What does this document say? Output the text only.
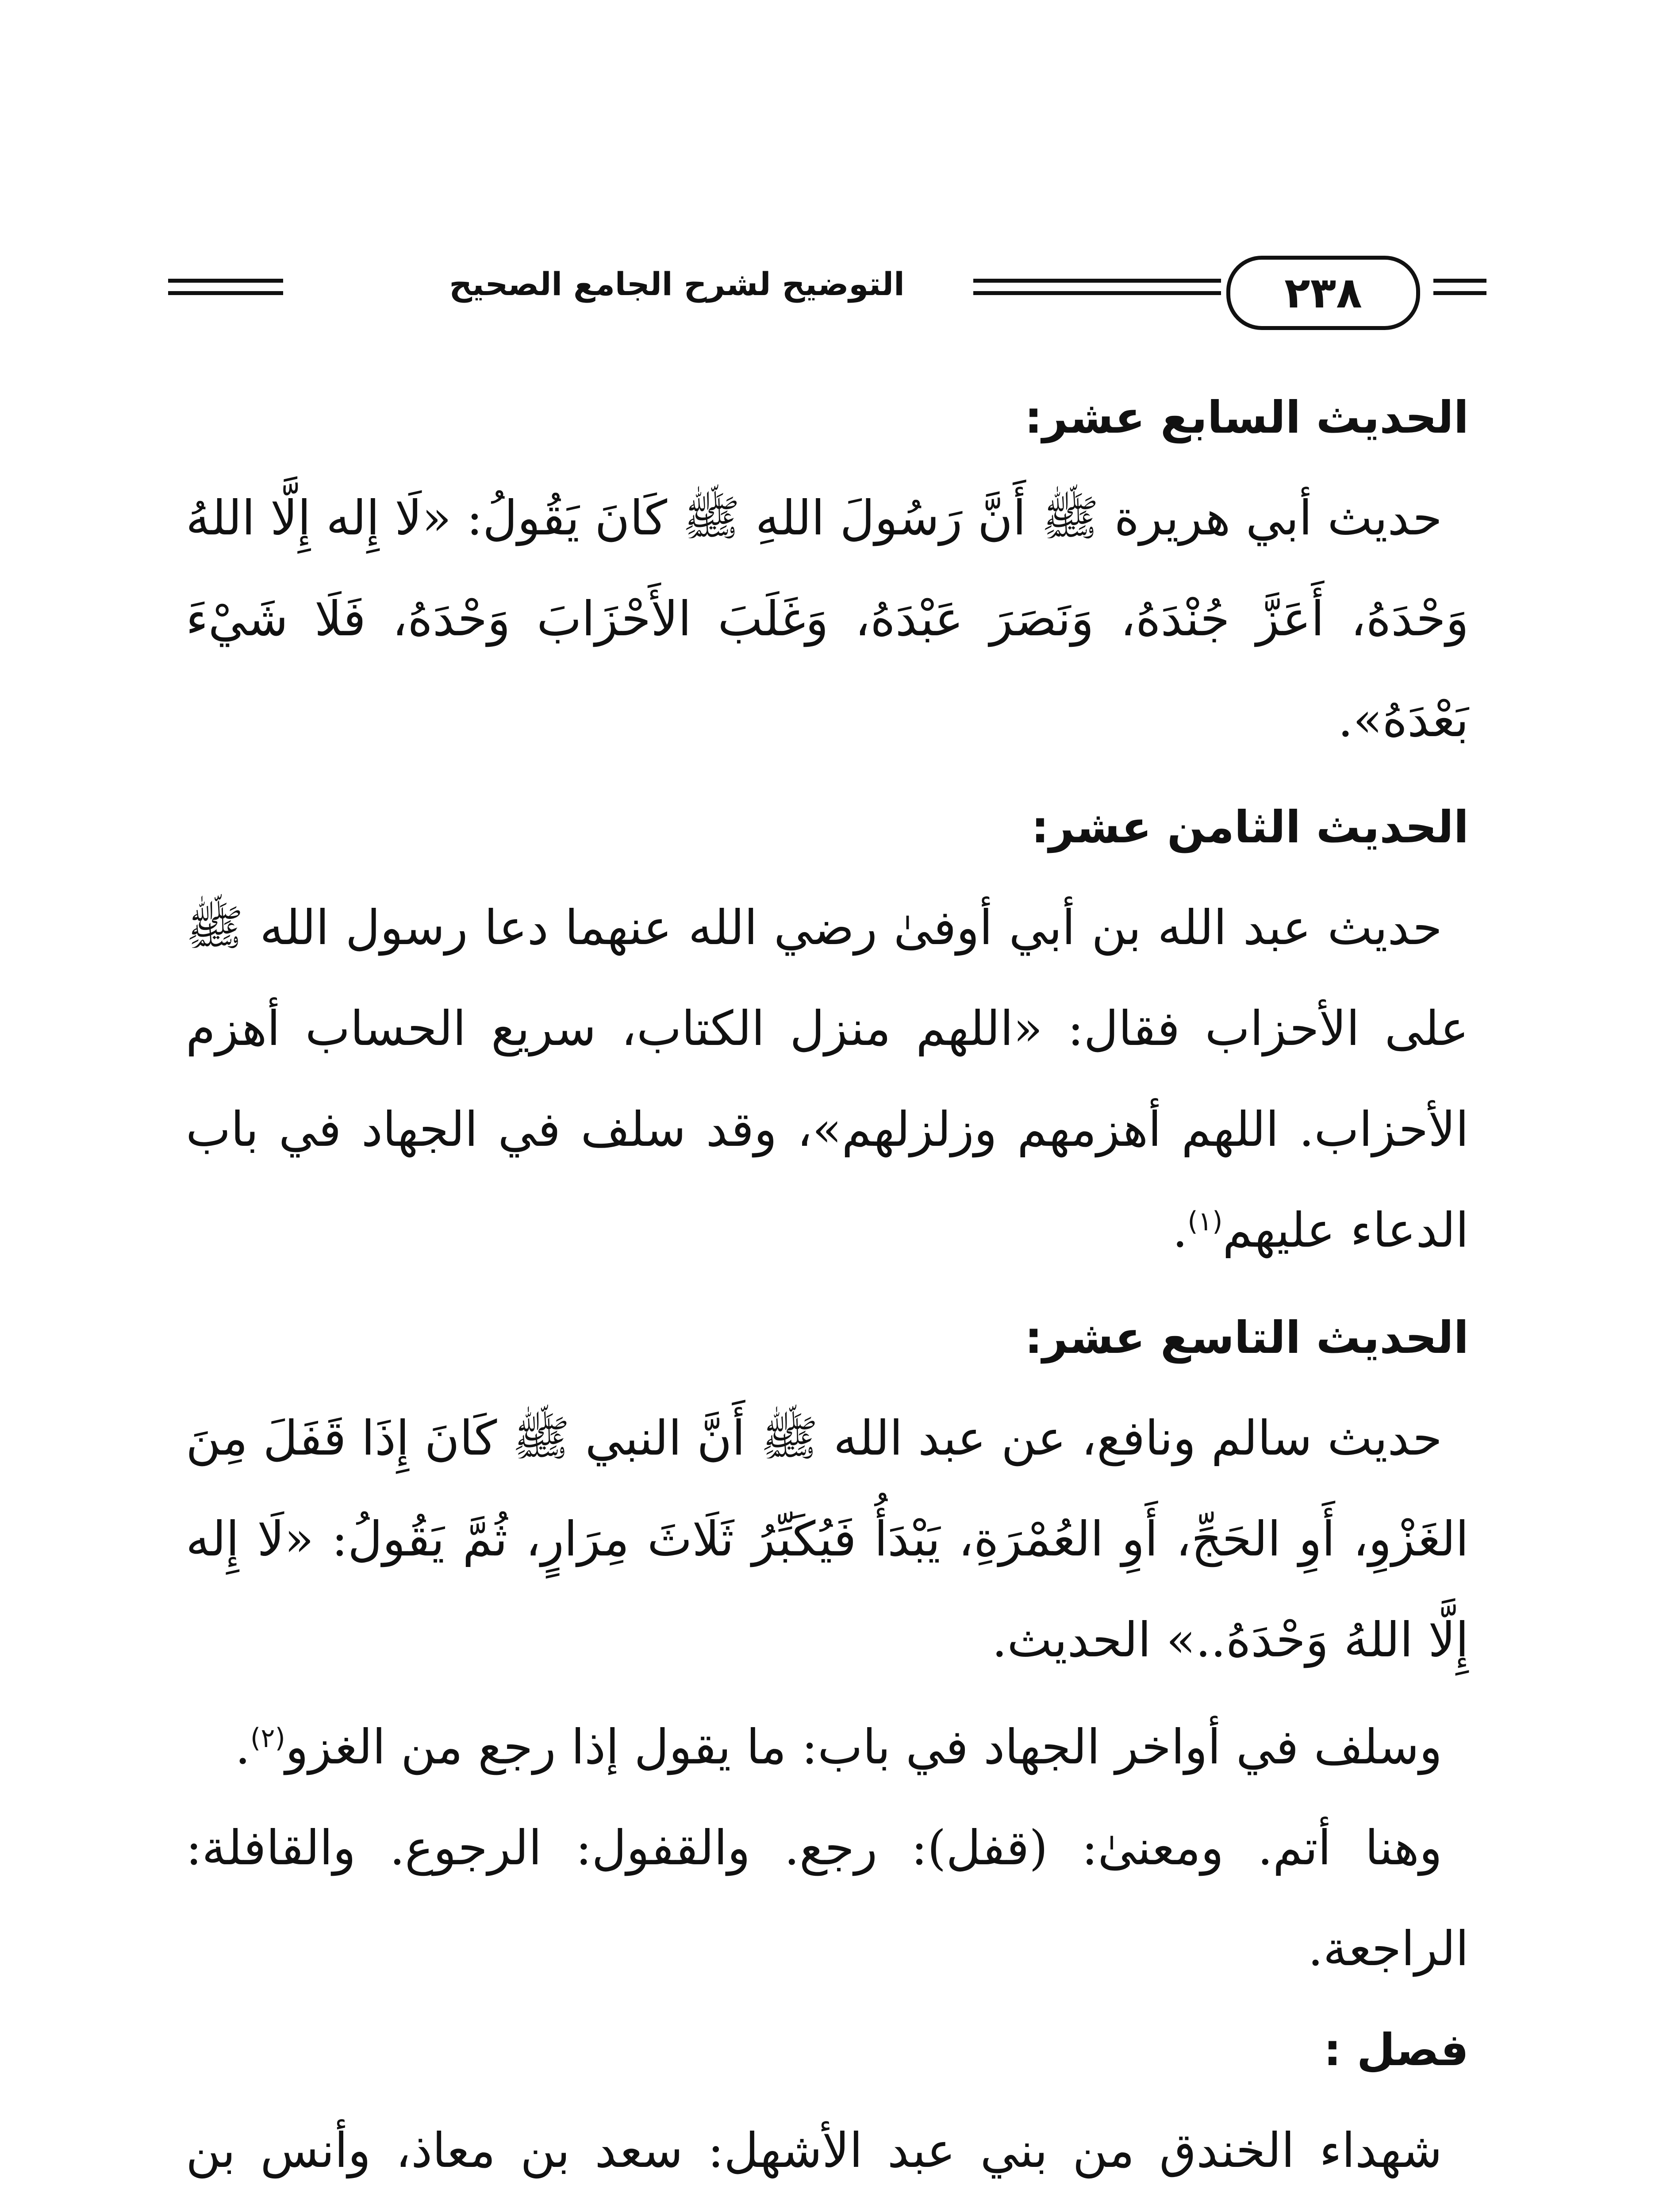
التوضيح لشرح الجامع الصحيح	٢٣٨
الحديث السابع عشر:
حديث أبي هريرة ﷺ أَنَّ رَسُولَ اللهِ ﷺ كَانَ يَقُولُ: «لَا إِله إِلَّا اللهُ وَحْدَهُ، أَعَزَّ جُنْدَهُ، وَنَصَرَ عَبْدَهُ، وَغَلَبَ الأَحْزَابَ وَحْدَهُ، فَلَا شَيْءَ بَعْدَهُ».
الحديث الثامن عشر:
حديث عبد الله بن أبي أوفىٰ رضي الله عنهما دعا رسول الله ﷺ على الأحزاب فقال: «اللهم منزل الكتاب، سريع الحساب أهزم الأحزاب. اللهم أهزمهم وزلزلهم»، وقد سلف في الجهاد في باب الدعاء عليهم$^{(١)}$.
الحديث التاسع عشر:
حديث سالم ونافع، عن عبد الله ﷺ أَنَّ النبي ﷺ كَانَ إِذَا قَفَلَ مِنَ الغَزْوِ، أَوِ الحَجِّ، أَوِ العُمْرَةِ، يَبْدَأُ فَيُكَبِّرُ ثَلَاثَ مِرَارٍ، ثُمَّ يَقُولُ: «لَا إِله إِلَّا اللهُ وَحْدَهُ..» الحديث.
وسلف في أواخر الجهاد في باب: ما يقول إذا رجع من الغزو$^{(٢)}$.
وهنا أتم. ومعنىٰ: (قفل): رجع. والقفول: الرجوع. والقافلة: الراجعة.
فصل :
شهداء الخندق من بني عبد الأشهل: سعد بن معاذ، وأنس بن
